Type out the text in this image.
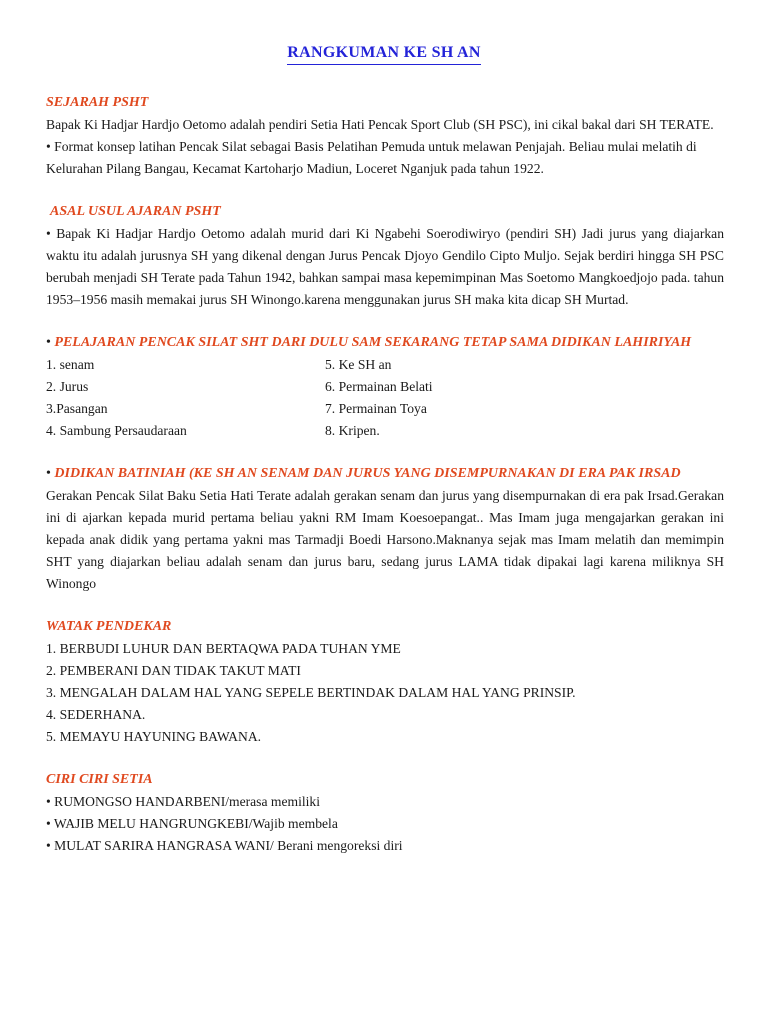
RANGKUMAN KE SH AN
SEJARAH PSHT

Bapak Ki Hadjar Hardjo Oetomo adalah pendiri Setia Hati Pencak Sport Club (SH PSC), ini cikal bakal dari SH TERATE.

• Format konsep latihan Pencak Silat sebagai Basis Pelatihan Pemuda untuk melawan Penjajah. Beliau mulai melatih di Kelurahan Pilang Bangau, Kecamat Kartoharjo Madiun, Loceret Nganjuk pada tahun 1922.

ASAL USUL AJARAN PSHT

• Bapak Ki Hadjar Hardjo Oetomo adalah murid dari Ki Ngabehi Soerodiwiryo (pendiri SH) Jadi jurus yang diajarkan waktu itu adalah jurusnya SH yang dikenal dengan Jurus Pencak Djoyo Gendilo Cipto Muljo. Sejak berdiri hingga SH PSC berubah menjadi SH Terate pada Tahun 1942, bahkan sampai masa kepemimpinan Mas Soetomo Mangkoedjojo pada. tahun 1953–1956 masih memakai jurus SH Winongo.karena menggunakan jurus SH maka kita dicap SH Murtad.

• PELAJARAN PENCAK SILAT SHT DARI DULU SAM SEKARANG TETAP SAMA DIDIKAN LAHIRIYAH
1. senam
2. Jurus
3.Pasangan
4. Sambung Persaudaraan
5. Ke SH an
6. Permainan Belati
7. Permainan Toya
8. Kripen.
• DIDIKAN BATINIAH (KE SH AN SENAM DAN JURUS YANG DISEMPURNAKAN DI ERA PAK IRSAD

Gerakan Pencak Silat Baku Setia Hati Terate adalah gerakan senam dan jurus yang disempurnakan di era pak Irsad.Gerakan ini di ajarkan kepada murid pertama beliau yakni RM Imam Koesoepangat.. Mas Imam juga mengajarkan gerakan ini kepada anak didik yang pertama yakni mas Tarmadji Boedi Harsono.Maknanya sejak mas Imam melatih dan memimpin SHT yang diajarkan beliau adalah senam dan jurus baru, sedang jurus LAMA tidak dipakai lagi karena miliknya SH Winongo

WATAK PENDEKAR
1. BERBUDI LUHUR DAN BERTAQWA PADA TUHAN YME
2. PEMBERANI DAN TIDAK TAKUT MATI
3. MENGALAH DALAM HAL YANG SEPELE BERTINDAK DALAM HAL YANG PRINSIP.
4. SEDERHANA.
5. MEMAYU HAYUNING BAWANA.
CIRI CIRI SETIA
• RUMONGSO HANDARBENI/merasa memiliki
• WAJIB MELU HANGRUNGKEBI/Wajib membela
• MULAT SARIRA HANGRASA WANI/ Berani mengoreksi diri
